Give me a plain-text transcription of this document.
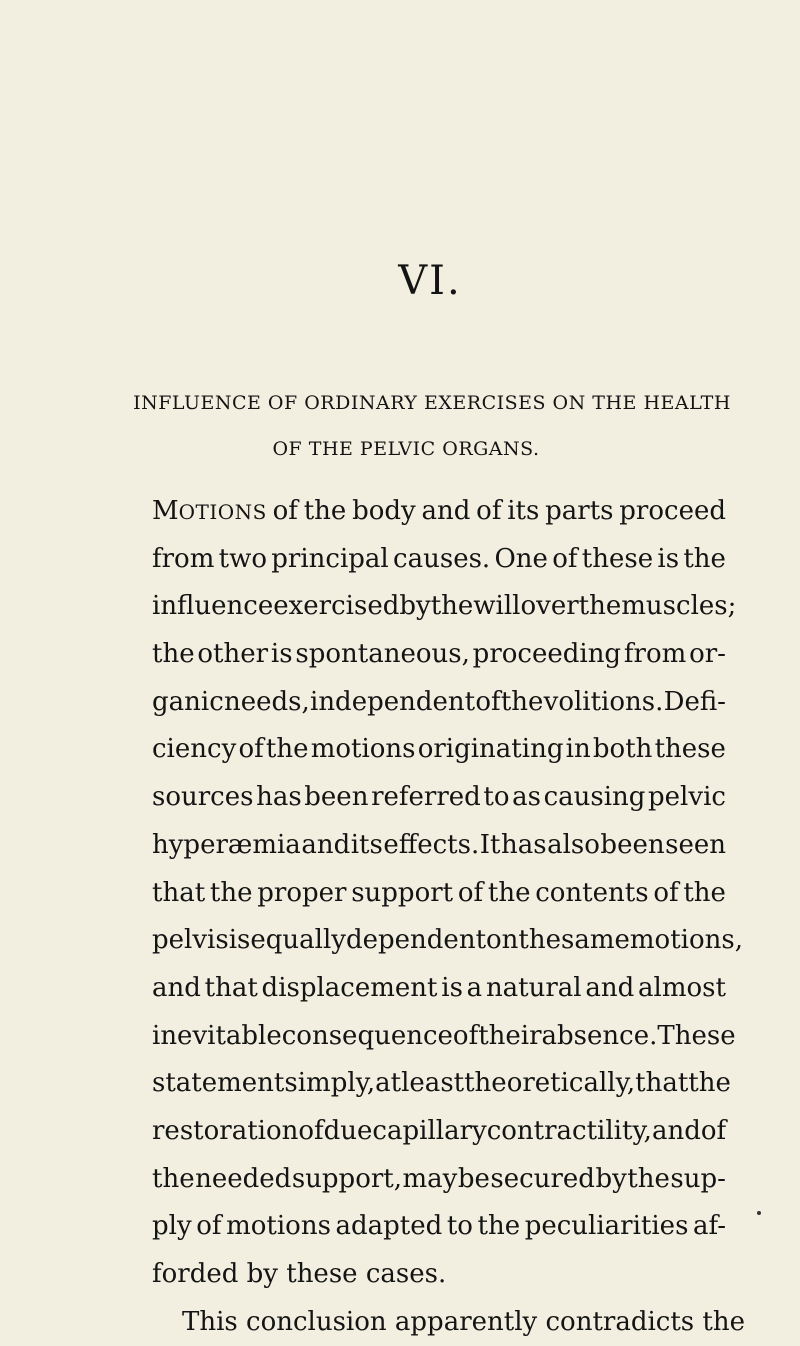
VI.
INFLUENCE OF ORDINARY EXERCISES ON THE HEALTH
OF THE PELVIC ORGANS.
MOTIONS of the body and of its parts proceed
from two principal causes. One of these is the
influence exercised by the will over the muscles;
the other is spontaneous, proceeding from or-
ganic needs, independent of the volitions. Defi-
ciency of the motions originating in both these
sources has been referred to as causing pelvic
hyperæmia and its effects. It has also been seen
that the proper support of the contents of the
pelvis is equally dependent on the same motions,
and that displacement is a natural and almost
inevitable consequence of their absence. These
statements imply, at least theoretically, that the
restoration of due capillary contractility, and of
the needed support, may be secured by the sup-
ply of motions adapted to the peculiarities af-
forded by these cases.
This conclusion apparently contradicts the
